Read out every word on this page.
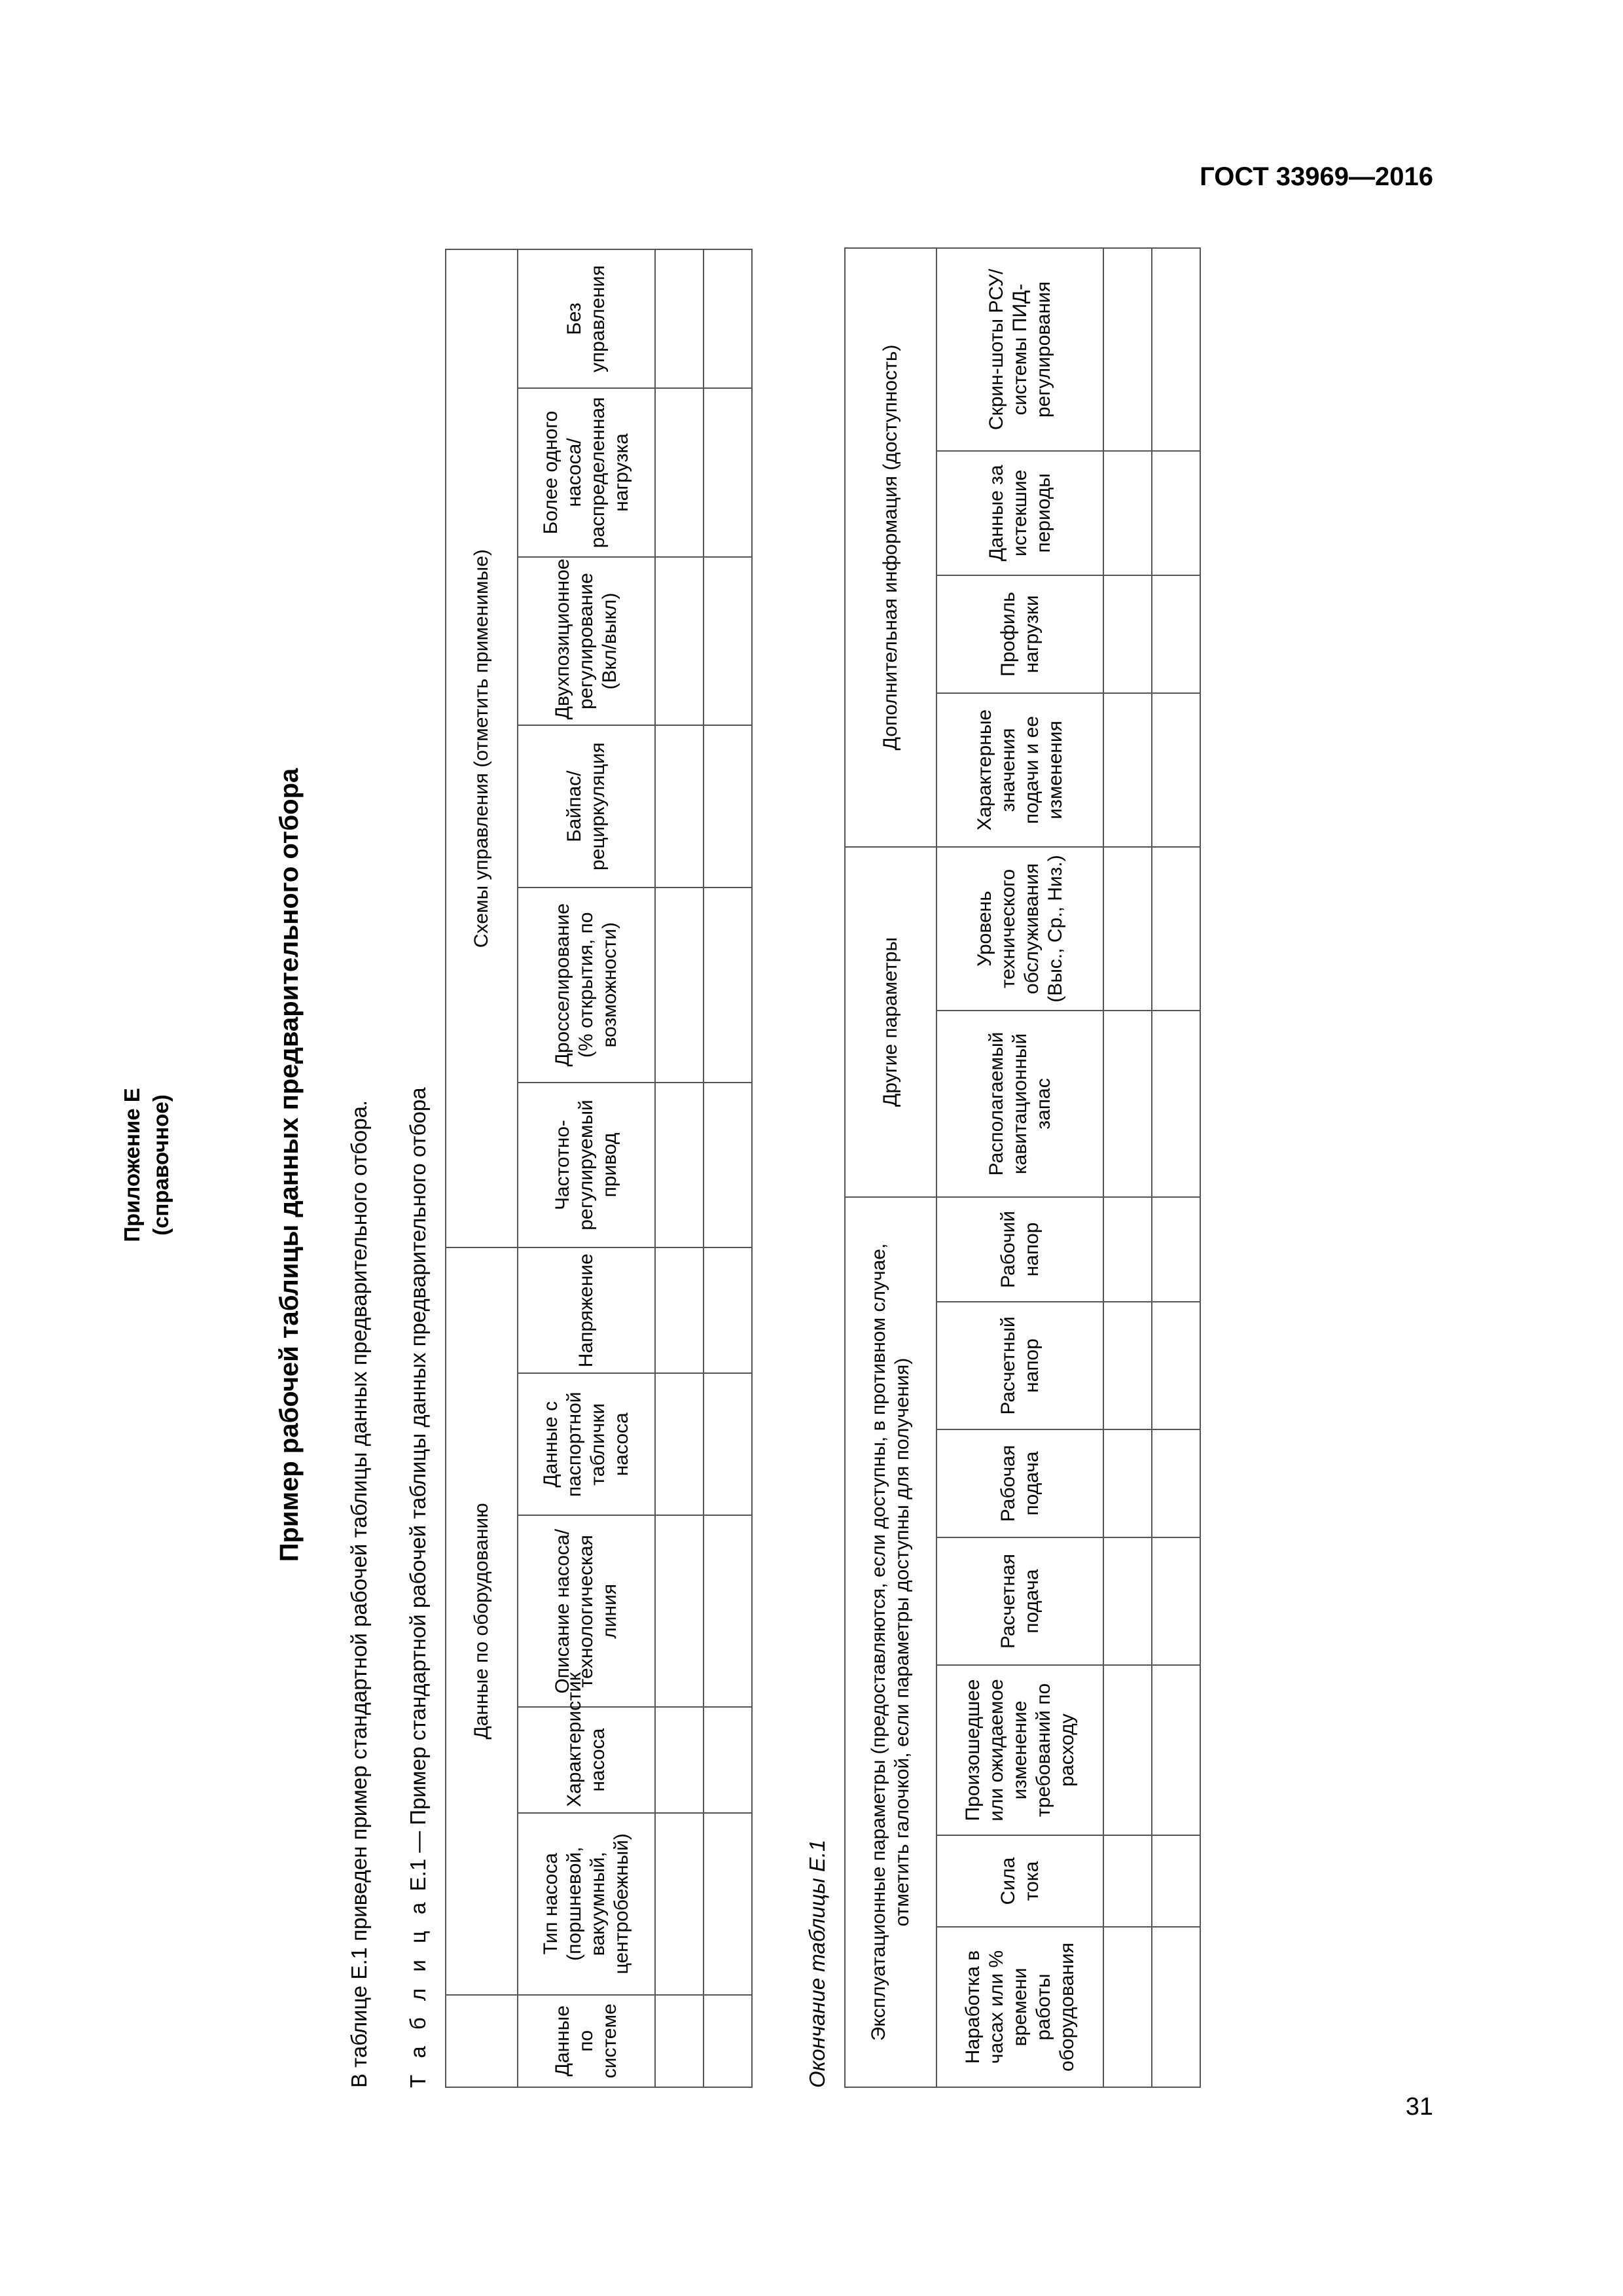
ГОСТ 33969—2016
Приложение Е (справочное)	Пример рабочей таблицы данных предварительного отбора В таблице Е.1 приведен пример стандартной рабочей таблицы данных предварительного отбора. Т а б л и ц а Е.1 — Пример стандартной рабочей таблицы данных предварительного отбора
	Данные по оборудованию					Схемы управления (отметить применимые)					
Данные по системе	Тип насоса (поршневой, вакуумный, центробежный)	Характеристик насоса	Описание насоса/ технологическая линия	Данные с паспортной таблички насоса	Напряжение	Частотно-регулируемый привод	Дросселирование (% открытия, по возможности)	Байпас/ рециркуляция	Двухпозиционное регулирование (Вкл/выкл)	Более одного насоса/ распределенная нагрузка	Без управления

Окончание таблицы Е.1 Эксплуатационные параметры (предоставляются, если доступны, в противном случае, отметить галочкой, если параметры доступны для получения)							Другие параметры		Дополнительная информация (доступность)			
Наработка в часах или % времени работы оборудования	Сила тока	Произошедшее или ожидаемое изменение требований по расходу	Расчетная подача	Рабочая подача	Расчетный напор	Рабочий напор	Располагаемый кавитационный запас	Уровень технического обслуживания (Выс., Ср., Низ.)	Характерные значения подачи и ее изменения	Профиль нагрузки	Данные за истекшие периоды	Скрин-шоты РСУ/системы ПИД-регулирования

31
